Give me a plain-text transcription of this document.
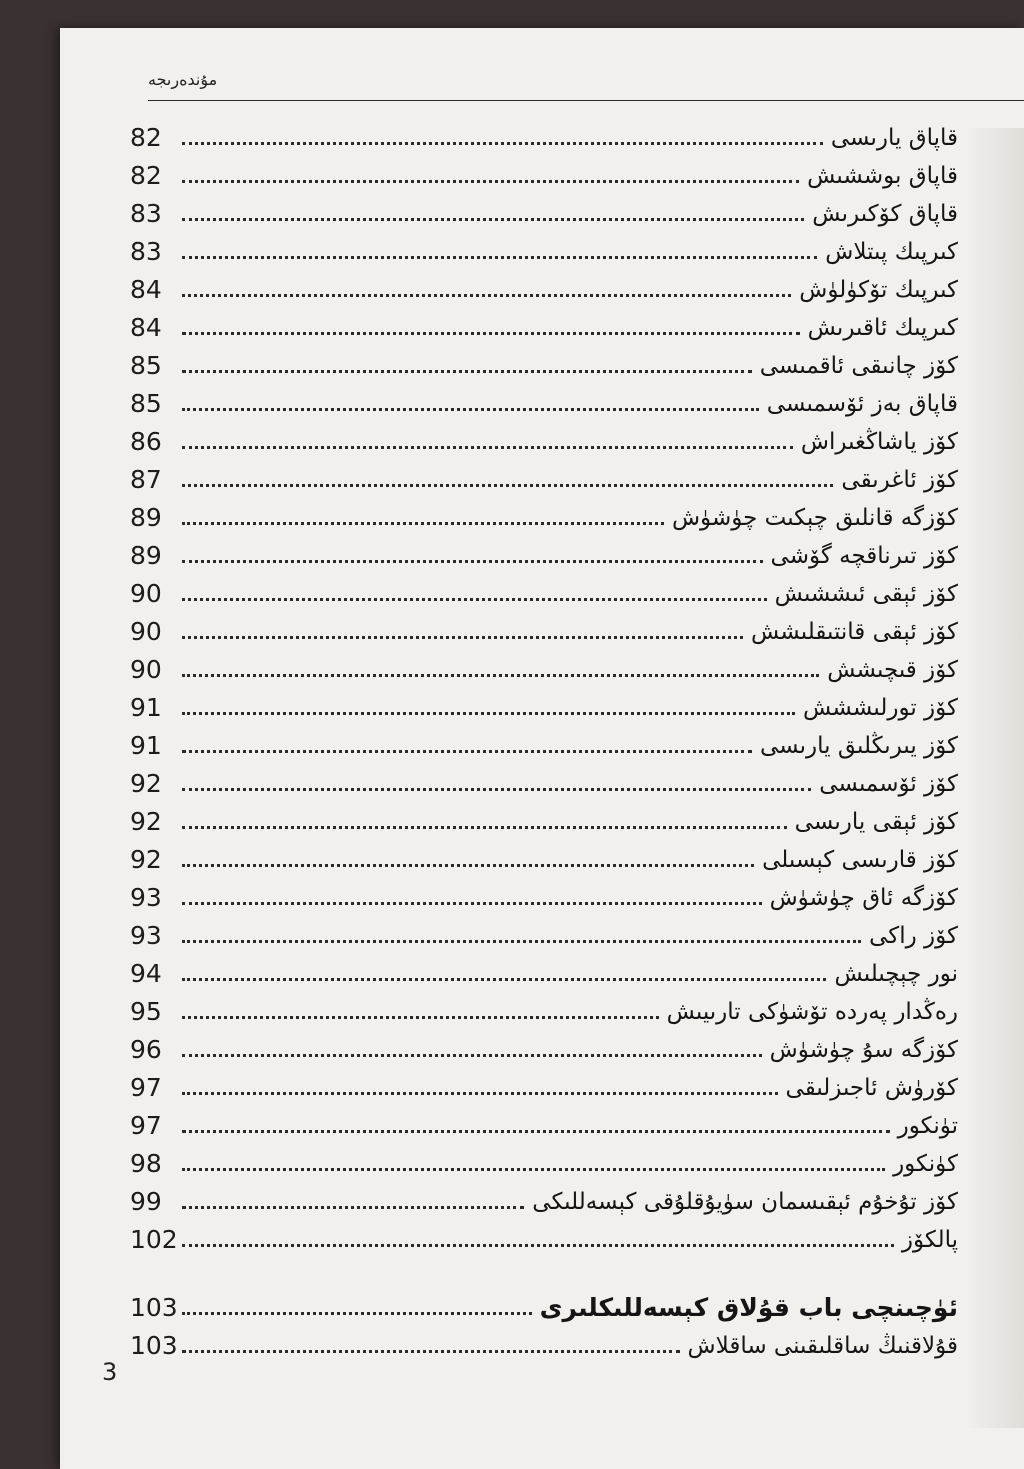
مۇندەرىجە
82	قاپاق يارىسى
82	قاپاق بوششىش
83	قاپاق كۆكىرىش
83	كىرپىك پىتلاش
84	كىرپىك تۆكۈلۈش
84	كىرپىك ئاقىرىش
85	كۆز چانىقى ئاقمىسى
85	قاپاق بەز ئۆسمىسى
86	كۆز ياشاڭغىراش
87	كۆز ئاغرىقى
89	كۆزگە قانلىق چېكىت چۈشۈش
89	كۆز تىرناقچە گۆشى
90	كۆز ئېقى ئىششىش
90	كۆز ئېقى قانتىقلىشش
90	كۆز قىچىشش
91	كۆز تورلىششش
91	كۆز يىرىڭلىق يارىسى
92	كۆز ئۆسمىسى
92	كۆز ئېقى يارىسى
92	كۆز قارىسى كېسىلى
93	كۆزگە ئاق چۈشۈش
93	كۆز راكى
94	نور چېچىلىش
95	رەڭدار پەردە تۆشۈكى تارىيىش
96	كۆزگە سۇ چۈشۈش
97	كۆرۈش ئاجىزلىقى
97	تۈنكور
98	كۈنكور
99	كۆز تۇخۇم ئېقىسمان سۈيۇقلۇقى كېسەللىكى
102	پالكۆز
103	ئۈچىنچى باب قۇلاق كېسەللىكلىرى
103	قۇلاقنىڭ ساقلىقىنى ساقلاش
3
